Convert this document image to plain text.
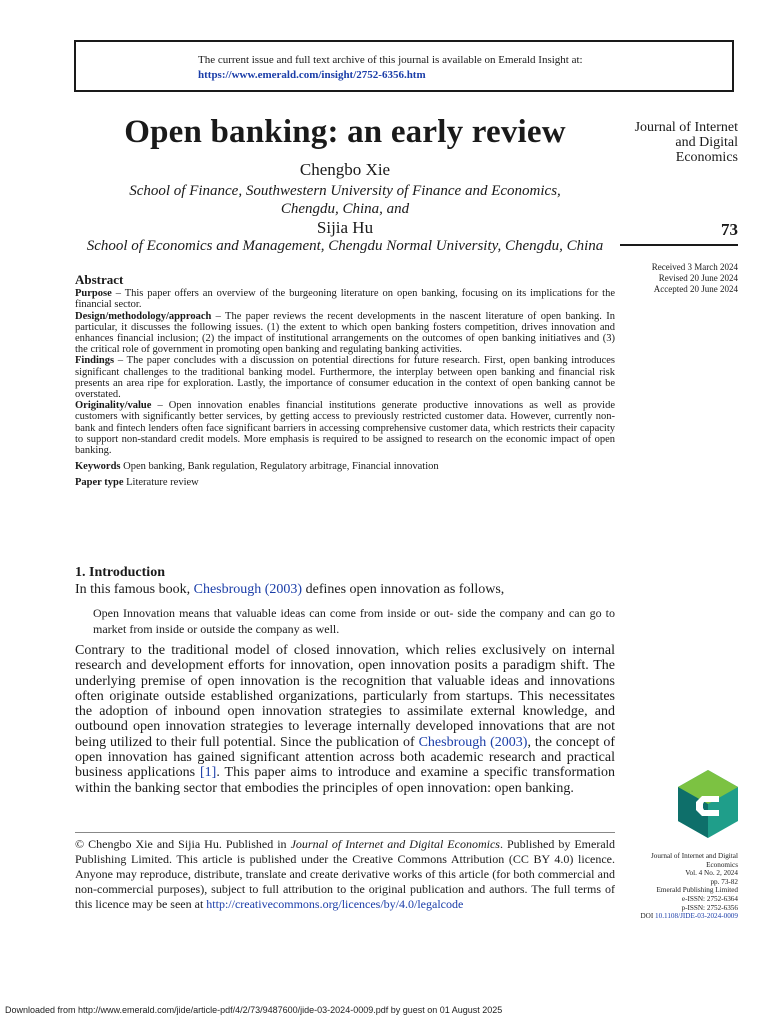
The current issue and full text archive of this journal is available on Emerald Insight at:
https://www.emerald.com/insight/2752-6356.htm
Open banking: an early review
Chengbo Xie
School of Finance, Southwestern University of Finance and Economics,
Chengdu, China, and
Sijia Hu
School of Economics and Management, Chengdu Normal University, Chengdu, China
Journal of Internet
and Digital
Economics
73
Received 3 March 2024
Revised 20 June 2024
Accepted 20 June 2024
Abstract

Purpose – This paper offers an overview of the burgeoning literature on open banking, focusing on its implications for the financial sector.

Design/methodology/approach – The paper reviews the recent developments in the nascent literature of open banking. In particular, it discusses the following issues. (1) the extent to which open banking fosters competition, drives innovation and enhances financial inclusion; (2) the impact of institutional arrangements on the outcomes of open banking initiatives and (3) the critical role of government in promoting open banking and regulating banking activities.

Findings – The paper concludes with a discussion on potential directions for future research. First, open banking introduces significant challenges to the traditional banking model. Furthermore, the interplay between open banking and financial risk presents an area ripe for exploration. Lastly, the importance of consumer education in the context of open banking cannot be overstated.

Originality/value – Open innovation enables financial institutions generate productive innovations as well as provide customers with significantly better services, by getting access to previously restricted customer data. However, currently non-bank and fintech lenders often face significant barriers in accessing comprehensive customer data, which restricts their capacity to support non-standard credit models. More emphasis is required to be assigned to research on the economic impact of open banking.

Keywords Open banking, Bank regulation, Regulatory arbitrage, Financial innovation

Paper type Literature review

1. Introduction
In this famous book, Chesbrough (2003) defines open innovation as follows,
Open Innovation means that valuable ideas can come from inside or out- side the company and can go to market from inside or outside the company as well.
Contrary to the traditional model of closed innovation, which relies exclusively on internal research and development efforts for innovation, open innovation posits a paradigm shift. The underlying premise of open innovation is the recognition that valuable ideas and innovations often originate outside established organizations, particularly from startups. This necessitates the adoption of inbound open innovation strategies to assimilate external knowledge, and outbound open innovation strategies to leverage internally developed innovations that are not being utilized to their full potential. Since the publication of Chesbrough (2003), the concept of open innovation has gained significant attention across both academic research and practical business applications [1]. This paper aims to introduce and examine a specific transformation within the banking sector that embodies the principles of open innovation: open banking.
© Chengbo Xie and Sijia Hu. Published in Journal of Internet and Digital Economics. Published by Emerald Publishing Limited. This article is published under the Creative Commons Attribution (CC BY 4.0) licence. Anyone may reproduce, distribute, translate and create derivative works of this article (for both commercial and non-commercial purposes), subject to full attribution to the original publication and authors. The full terms of this licence may be seen at http://creativecommons.org/licences/by/4.0/legalcode
Journal of Internet and Digital
Economics
Vol. 4 No. 2, 2024
pp. 73-82
Emerald Publishing Limited
e-ISSN: 2752-6364
p-ISSN: 2752-6356
DOI 10.1108/JIDE-03-2024-0009
Downloaded from http://www.emerald.com/jide/article-pdf/4/2/73/9487600/jide-03-2024-0009.pdf by guest on 01 August 2025
